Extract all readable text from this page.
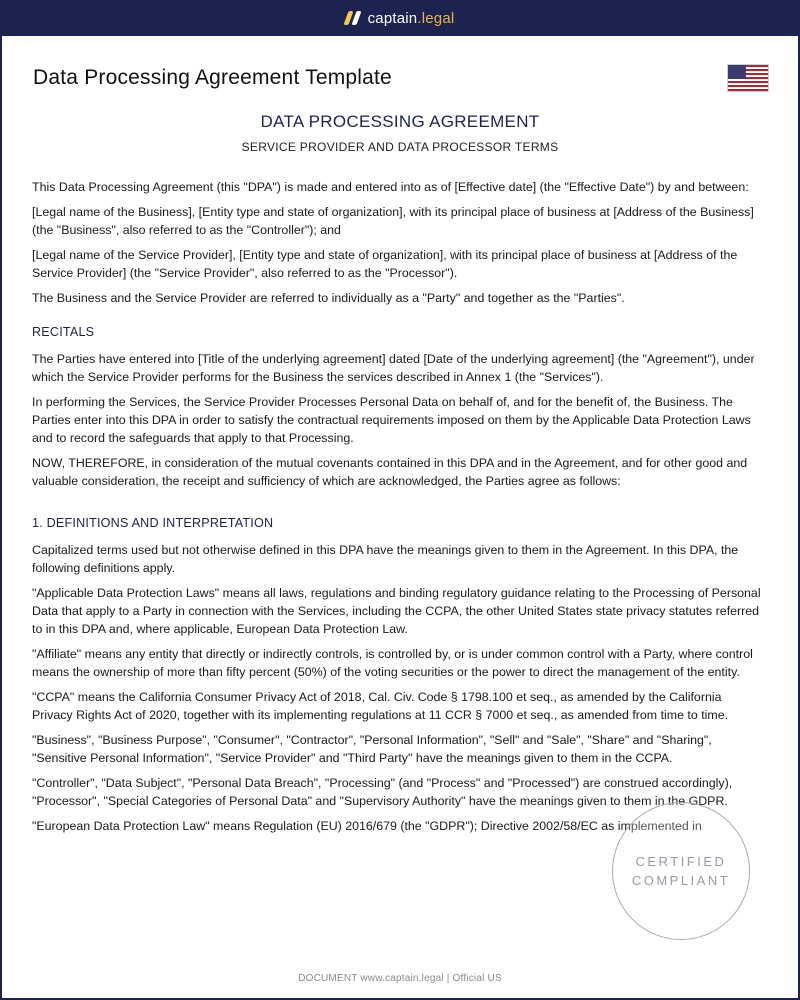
captain.legal
Data Processing Agreement Template
DATA PROCESSING AGREEMENT
SERVICE PROVIDER AND DATA PROCESSOR TERMS

This Data Processing Agreement (this "DPA") is made and entered into as of [Effective date] (the "Effective Date") by and between:

[Legal name of the Business], [Entity type and state of organization], with its principal place of business at [Address of the Business] (the "Business", also referred to as the "Controller"); and

[Legal name of the Service Provider], [Entity type and state of organization], with its principal place of business at [Address of the Service Provider] (the "Service Provider", also referred to as the "Processor").

The Business and the Service Provider are referred to individually as a "Party" and together as the "Parties".

RECITALS

The Parties have entered into [Title of the underlying agreement] dated [Date of the underlying agreement] (the "Agreement"), under which the Service Provider performs for the Business the services described in Annex 1 (the "Services").

In performing the Services, the Service Provider Processes Personal Data on behalf of, and for the benefit of, the Business. The Parties enter into this DPA in order to satisfy the contractual requirements imposed on them by the Applicable Data Protection Laws and to record the safeguards that apply to that Processing.

NOW, THEREFORE, in consideration of the mutual covenants contained in this DPA and in the Agreement, and for other good and valuable consideration, the receipt and sufficiency of which are acknowledged, the Parties agree as follows:

1. DEFINITIONS AND INTERPRETATION

Capitalized terms used but not otherwise defined in this DPA have the meanings given to them in the Agreement. In this DPA, the following definitions apply.

"Applicable Data Protection Laws" means all laws, regulations and binding regulatory guidance relating to the Processing of Personal Data that apply to a Party in connection with the Services, including the CCPA, the other United States state privacy statutes referred to in this DPA and, where applicable, European Data Protection Law.

"Affiliate" means any entity that directly or indirectly controls, is controlled by, or is under common control with a Party, where control means the ownership of more than fifty percent (50%) of the voting securities or the power to direct the management of the entity.

"CCPA" means the California Consumer Privacy Act of 2018, Cal. Civ. Code § 1798.100 et seq., as amended by the California Privacy Rights Act of 2020, together with its implementing regulations at 11 CCR § 7000 et seq., as amended from time to time.

"Business", "Business Purpose", "Consumer", "Contractor", "Personal Information", "Sell" and "Sale", "Share" and "Sharing", "Sensitive Personal Information", "Service Provider" and "Third Party" have the meanings given to them in the CCPA.

"Controller", "Data Subject", "Personal Data Breach", "Processing" (and "Process" and "Processed") are construed accordingly), "Processor", "Special Categories of Personal Data" and "Supervisory Authority" have the meanings given to them in the GDPR.

"European Data Protection Law" means Regulation (EU) 2016/679 (the "GDPR"); Directive 2002/58/EC as implemented in

CERTIFIED
COMPLIANT
DOCUMENT www.captain.legal | Official US
